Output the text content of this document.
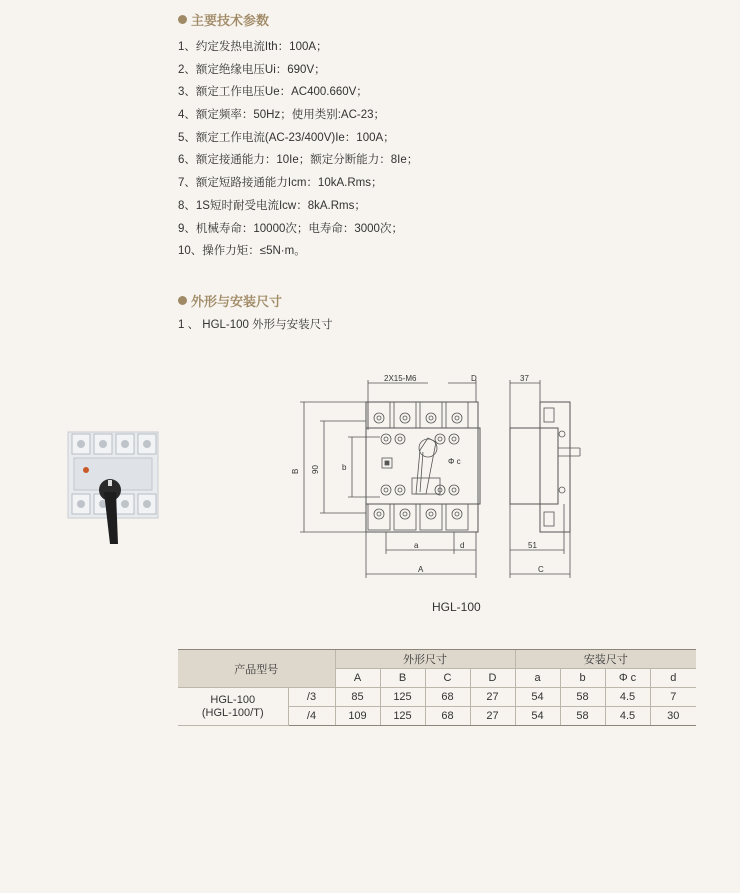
主要技术参数
1、约定发热电流Ith：100A；
2、额定绝缘电压Ui：690V；
3、额定工作电压Ue：AC400.660V；
4、额定频率：50Hz；使用类别:AC-23；
5、额定工作电流(AC-23/400V)Ie：100A；
6、额定接通能力：10Ie；额定分断能力：8Ie；
7、额定短路接通能力Icm：10kA.Rms；
8、1S短时耐受电流Icw：8kA.Rms；
9、机械寿命：10000次；电寿命：3000次；
10、操作力矩：≤5N·m。
外形与安装尺寸
1 、 HGL-100 外形与安装尺寸
2X15-M6	D	37
B 90	b
Φ c
a	d
A
51
C
HGL-100
产品型号		外形尺寸				安装尺寸			
		A	B	C	D	a	b	Φ c	d

HGL-100
(HGL-100/T)	/3	85	125	68	27	54	58	4.5	7
	/4	109	125	68	27	54	58	4.5	30
